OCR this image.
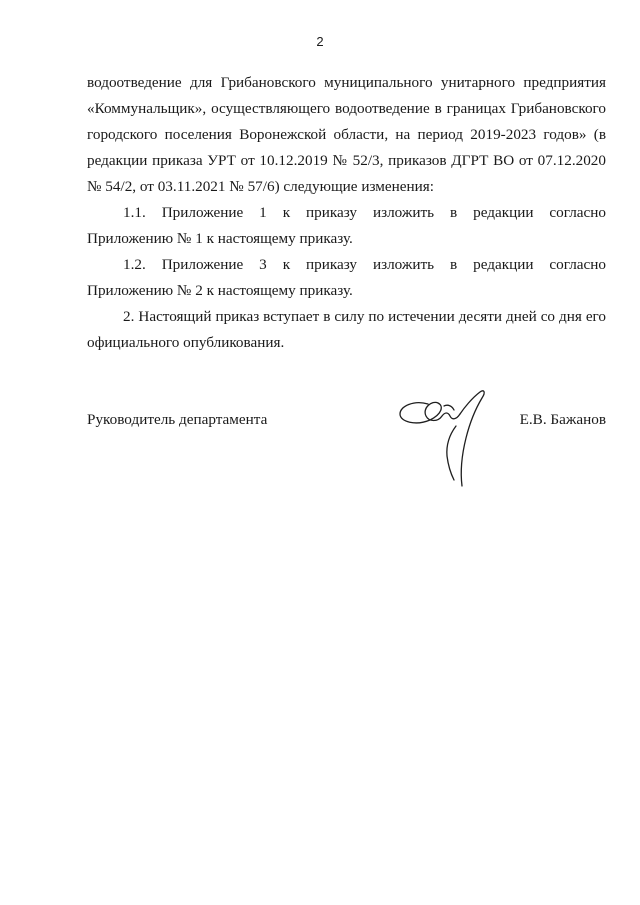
2
водоотведение для Грибановского муниципального унитарного предприятия
«Коммунальщик», осуществляющего водоотведение в границах Грибановского
городского поселения Воронежской области, на период 2019-2023 годов» (в
редакции приказа УРТ от 10.12.2019 № 52/3, приказов ДГРТ ВО от 07.12.2020
№ 54/2, от 03.11.2021 № 57/6) следующие изменения:
1.1. Приложение 1 к приказу изложить в редакции согласно
Приложению № 1 к настоящему приказу.
1.2. Приложение 3 к приказу изложить в редакции согласно
Приложению № 2 к настоящему приказу.
2. Настоящий приказ вступает в силу по истечении десяти дней со дня его
официального опубликования.
Руководитель департамента	Е.В. Бажанов
